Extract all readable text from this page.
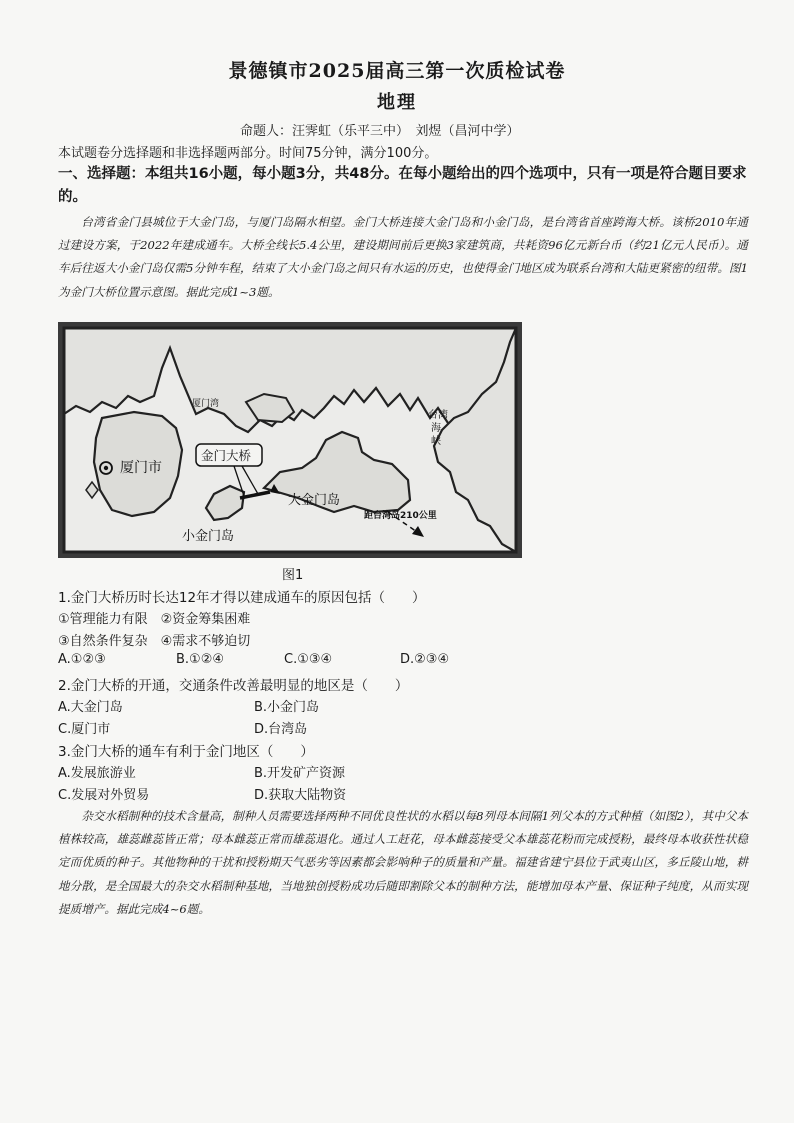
景德镇市2025届高三第一次质检试卷
地理
命题人：汪霁虹（乐平三中）　刘煜（昌河中学）
本试题卷分选择题和非选择题两部分。时间75分钟，满分100分。
一、选择题：本组共16小题，每小题3分，共48分。在每小题给出的四个选项中，只有一项是符合题目要求的。
台湾省金门县城位于大金门岛，与厦门岛隔水相望。金门大桥连接大金门岛和小金门岛，是台湾省首座跨海大桥。该桥2010年通过建设方案，于2022年建成通车。大桥全线长5.4公里，建设期间前后更换3家建筑商，共耗资96亿元新台币（约21亿元人民币）。通车后往返大小金门岛仅需5分钟车程，结束了大小金门岛之间只有水运的历史，也使得金门地区成为联系台湾和大陆更紧密的纽带。图1为金门大桥位置示意图。据此完成1~3题。
厦门市
厦门湾
台 湾
海
峡
金门大桥
大金门岛
小金门岛
距台湾岛210公里
图1
1.金门大桥历时长达12年才得以建成通车的原因包括（　　）
①管理能力有限　②资金筹集困难
③自然条件复杂　④需求不够迫切
A.①②③	B.①②④	C.①③④	D.②③④
2.金门大桥的开通，交通条件改善最明显的地区是（　　）
A.大金门岛	B.小金门岛
C.厦门市	D.台湾岛
3.金门大桥的通车有利于金门地区（　　）
A.发展旅游业	B.开发矿产资源
C.发展对外贸易	D.获取大陆物资
杂交水稻制种的技术含量高，制种人员需要选择两种不同优良性状的水稻以每8列母本间隔1列父本的方式种植（如图2），其中父本植株较高，雄蕊雌蕊皆正常；母本雌蕊正常而雄蕊退化。通过人工赶花，母本雌蕊接受父本雄蕊花粉而完成授粉，最终母本收获性状稳定而优质的种子。其他物种的干扰和授粉期天气恶劣等因素都会影响种子的质量和产量。福建省建宁县位于武夷山区，多丘陵山地，耕地分散，是全国最大的杂交水稻制种基地，当地独创授粉成功后随即割除父本的制种方法，能增加母本产量、保证种子纯度，从而实现提质增产。据此完成4~6题。
